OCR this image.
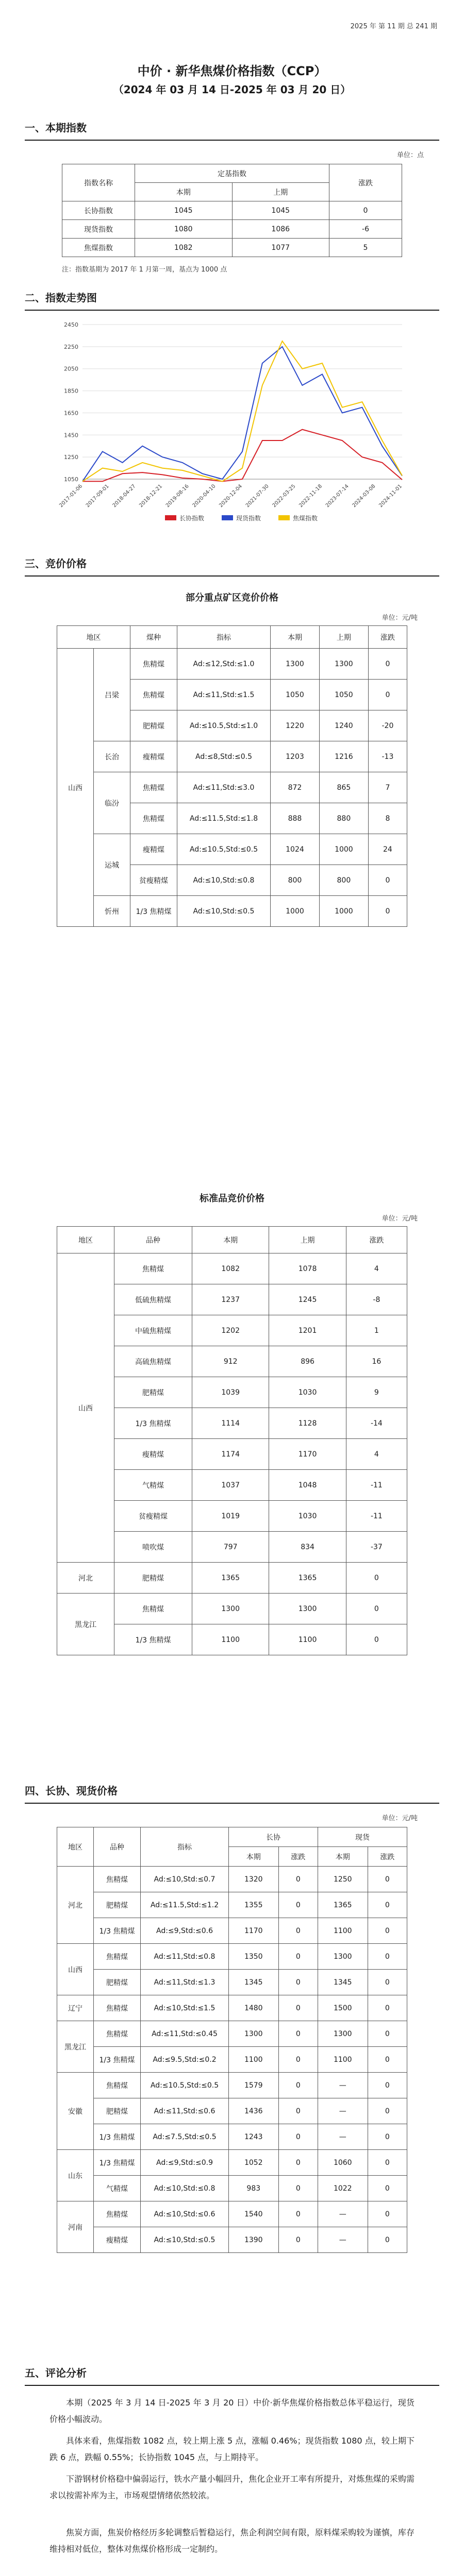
2025 年 第 11 期 总 241 期
中价 · 新华焦煤价格指数（CCP）
（2024 年 03 月 14 日-2025 年 03 月 20 日）
一、本期指数
单位：点
指数名称	定基指数		涨跌
	本期	上期	
长协指数	1045	1045	0
现货指数	1080	1086	-6
焦煤指数	1082	1077	5
注：指数基期为 2017 年 1 月第一周，基点为 1000 点
二、指数走势图
2450
2250
2050
1850
1650
1450
1250
1050
2017-01-06 2017-09-01 2018-04-27 2018-12-21 2019-08-16 2020-04-10 2020-12-04 2021-07-30 2022-03-25 2022-11-18 2023-07-14 2024-03-08 2024-11-01
长协指数	现货指数	焦煤指数
三、竞价价格
部分重点矿区竞价价格
单位：元/吨
地区		煤种	指标	本期	上期	涨跌
山西	吕梁	焦精煤	Ad:≤12,Std:≤1.0	1300	1300	0
		焦精煤	Ad:≤11,Std:≤1.5	1050	1050	0
		肥精煤	Ad:≤10.5,Std:≤1.0	1220	1240	-20
	长治	瘦精煤	Ad:≤8,Std:≤0.5	1203	1216	-13
	临汾	焦精煤	Ad:≤11,Std:≤3.0	872	865	7
		焦精煤	Ad:≤11.5,Std:≤1.8	888	880	8
	运城	瘦精煤	Ad:≤10.5,Std:≤0.5	1024	1000	24
		贫瘦精煤	Ad:≤10,Std:≤0.8	800	800	0
	忻州	1/3 焦精煤	Ad:≤10,Std:≤0.5	1000	1000	0
标准品竞价价格
单位：元/吨
地区	品种	本期	上期	涨跌
山西	焦精煤	1082	1078	4
	低硫焦精煤	1237	1245	-8
	中硫焦精煤	1202	1201	1
	高硫焦精煤	912	896	16
	肥精煤	1039	1030	9
	1/3 焦精煤	1114	1128	-14
	瘦精煤	1174	1170	4
	气精煤	1037	1048	-11
	贫瘦精煤	1019	1030	-11
	喷吹煤	797	834	-37
河北	肥精煤	1365	1365	0
黑龙江	焦精煤	1300	1300	0
	1/3 焦精煤	1100	1100	0
四、长协、现货价格
单位：元/吨
地区	品种	指标	长协		现货	
			本期	涨跌	本期	涨跌
河北	焦精煤	Ad:≤10,Std:≤0.7	1320	0	1250	0
	肥精煤	Ad:≤11.5,Std:≤1.2	1355	0	1365	0
	1/3 焦精煤	Ad:≤9,Std:≤0.6	1170	0	1100	0
山西	焦精煤	Ad:≤11,Std:≤0.8	1350	0	1300	0
	肥精煤	Ad:≤11,Std:≤1.3	1345	0	1345	0
辽宁	焦精煤	Ad:≤10,Std:≤1.5	1480	0	1500	0
黑龙江	焦精煤	Ad:≤11,Std:≤0.45	1300	0	1300	0
	1/3 焦精煤	Ad:≤9.5,Std:≤0.2	1100	0	1100	0
安徽	焦精煤	Ad:≤10.5,Std:≤0.5	1579	0	—	0
	肥精煤	Ad:≤11,Std:≤0.6	1436	0	—	0
	1/3 焦精煤	Ad:≤7.5,Std:≤0.5	1243	0	—	0
山东	1/3 焦精煤	Ad:≤9,Std:≤0.9	1052	0	1060	0
	气精煤	Ad:≤10,Std:≤0.8	983	0	1022	0
河南	焦精煤	Ad:≤10,Std:≤0.6	1540	0	—	0
	瘦精煤	Ad:≤10,Std:≤0.5	1390	0	—	0
五、评论分析
本期（2025 年 3 月 14 日-2025 年 3 月 20 日）中价·新华焦煤价格指数总体平稳运行，现货价格小幅波动。
具体来看，焦煤指数 1082 点，较上期上涨 5 点，涨幅 0.46%；现货指数 1080 点，较上期下跌 6 点，跌幅 0.55%；长协指数 1045 点，与上期持平。
下游钢材价格稳中偏弱运行，铁水产量小幅回升，焦化企业开工率有所提升，对炼焦煤的采购需求以按需补库为主，市场观望情绪依然较浓。
焦炭方面，焦炭价格经历多轮调整后暂稳运行，焦企利润空间有限，原料煤采购较为谨慎，库存维持相对低位，整体对焦煤价格形成一定制约。
